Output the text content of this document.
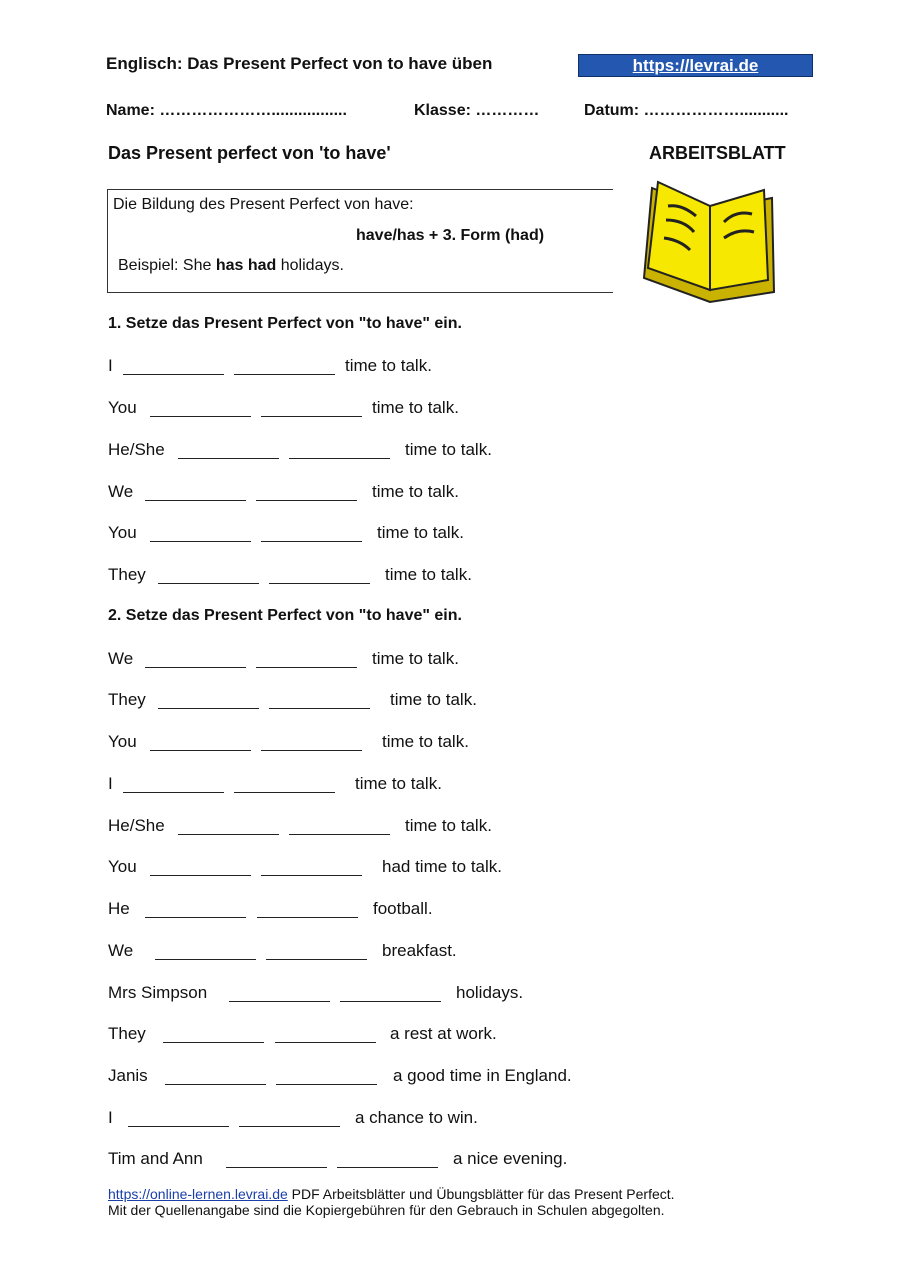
Englisch: Das Present Perfect von to have üben	https://levrai.de
Name: ………………….................	Klasse: …………	Datum: ………………...........
Das Present perfect von 'to have'	ARBEITSBLATT
Die Bildung des Present Perfect von have:
have/has + 3. Form (had)
Beispiel: She has had holidays.
1. Setze das Present Perfect von "to have" ein.
I	time to talk.
You	time to talk.
He/She	time to talk.
We	time to talk.
You	time to talk.
They	time to talk.
2. Setze das Present Perfect von "to have" ein.
We	time to talk.
They	time to talk.
You	time to talk.
I	time to talk.
He/She	time to talk.
You	had time to talk.
He	football.
We	breakfast.
Mrs Simpson	holidays.
They	a rest at work.
Janis	a good time in England.
I	a chance to win.
Tim and Ann	a nice evening.
https://online-lernen.levrai.de PDF Arbeitsblätter und Übungsblätter für das Present Perfect.
Mit der Quellenangabe sind die Kopiergebühren für den Gebrauch in Schulen abgegolten.
